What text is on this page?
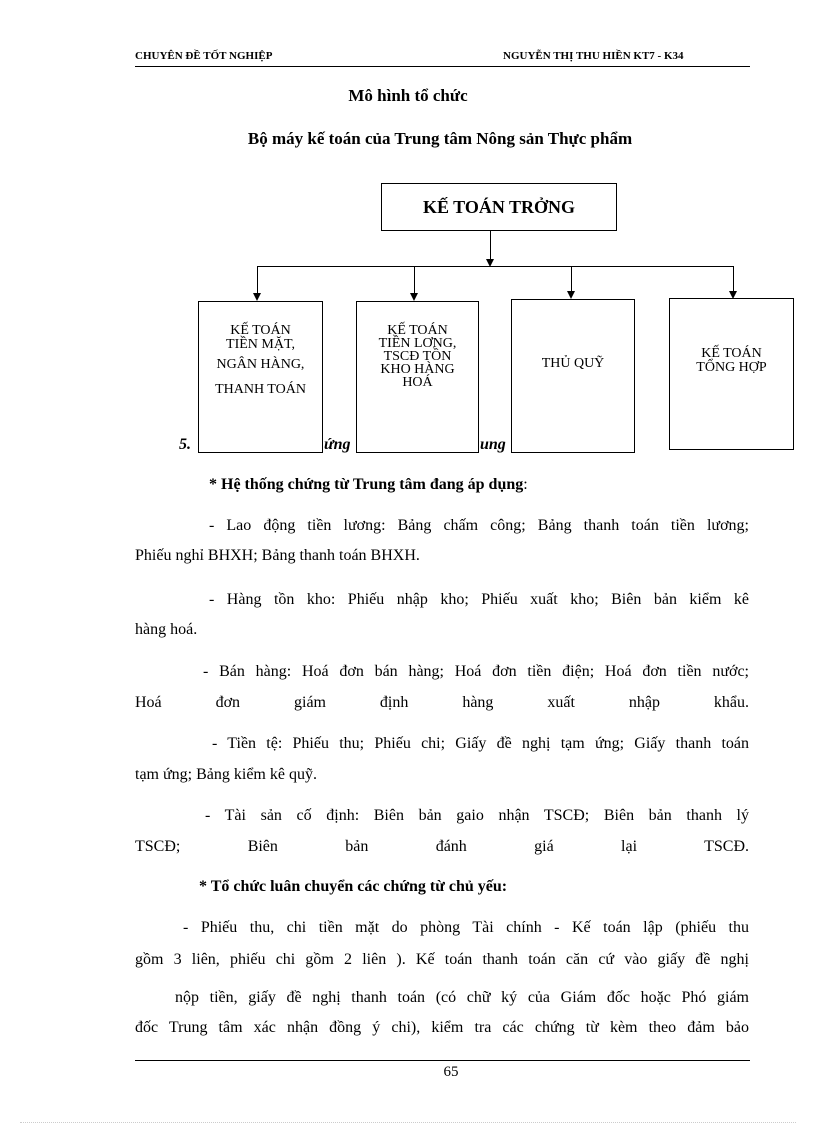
CHUYÊN ĐỀ TỐT NGHIỆP	NGUYỄN THỊ THU HIỀN KT7 - K34
Mô hình tổ chức
Bộ máy kế toán của Trung tâm Nông sản Thực phẩm
KẾ TOÁN TRỞNG
KẾ TOÁN
TIỀN MẶT,
NGÂN HÀNG,
THANH TOÁN
KẾ TOÁN
TIỀN LƠNG,
TSCĐ TỒN
KHO HÀNG
HOÁ
THỦ QUỸ
KẾ TOÁN
TỔNG HỢP
5.	ứng	ung
* Hệ thống chứng từ Trung tâm đang áp dụng:
- Lao động tiền lương: Bảng chấm công; Bảng thanh toán tiền lương;
Phiếu nghỉ BHXH; Bảng thanh toán BHXH.
- Hàng tồn kho: Phiếu nhập kho; Phiếu xuất kho; Biên bản kiểm kê
hàng hoá.
- Bán hàng: Hoá đơn bán hàng; Hoá đơn tiền điện; Hoá đơn tiền nước;
Hoá đơn giám định hàng xuất nhập khẩu.
- Tiền tệ: Phiếu thu; Phiếu chi; Giấy đề nghị tạm ứng; Giấy thanh toán
tạm ứng; Bảng kiểm kê quỹ.
- Tài sản cố định: Biên bản gaio nhận TSCĐ; Biên bản thanh lý
TSCĐ; Biên bản đánh giá lại TSCĐ.
* Tổ chức luân chuyển các chứng từ chủ yếu:
- Phiếu thu, chi tiền mặt do phòng Tài chính - Kế toán lập (phiếu thu
gồm 3 liên, phiếu chi gồm 2 liên ). Kế toán thanh toán căn cứ vào giấy đề nghị
nộp tiền, giấy đề nghị thanh toán (có chữ ký của Giám đốc hoặc Phó giám
đốc Trung tâm xác nhận đồng ý chi), kiểm tra các chứng từ kèm theo đảm bảo
65
